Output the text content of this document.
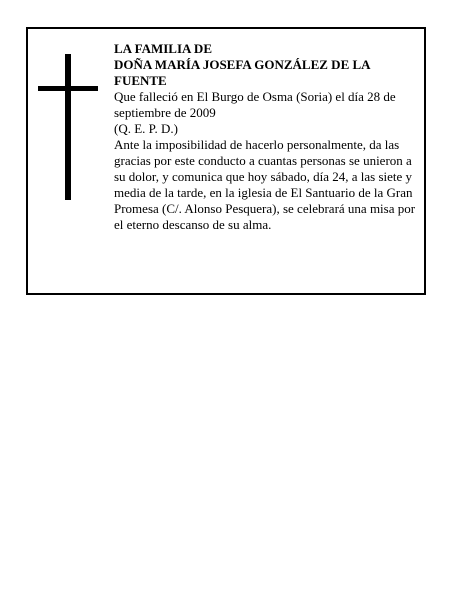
LA FAMILIA DE

DOÑA MARÍA JOSEFA GONZÁLEZ DE LA FUENTE

Que falleció en El Burgo de Osma (Soria) el día 28 de septiembre de 2009

(Q. E. P. D.)

Ante la imposibilidad de hacerlo personalmente, da las gracias por este conducto a cuantas personas se unieron a su dolor, y comunica que hoy sábado, día 24, a las siete y media de la tarde, en la iglesia de El Santuario de la Gran Promesa (C/. Alonso Pesquera), se celebrará una misa por el eterno descanso de su alma.
